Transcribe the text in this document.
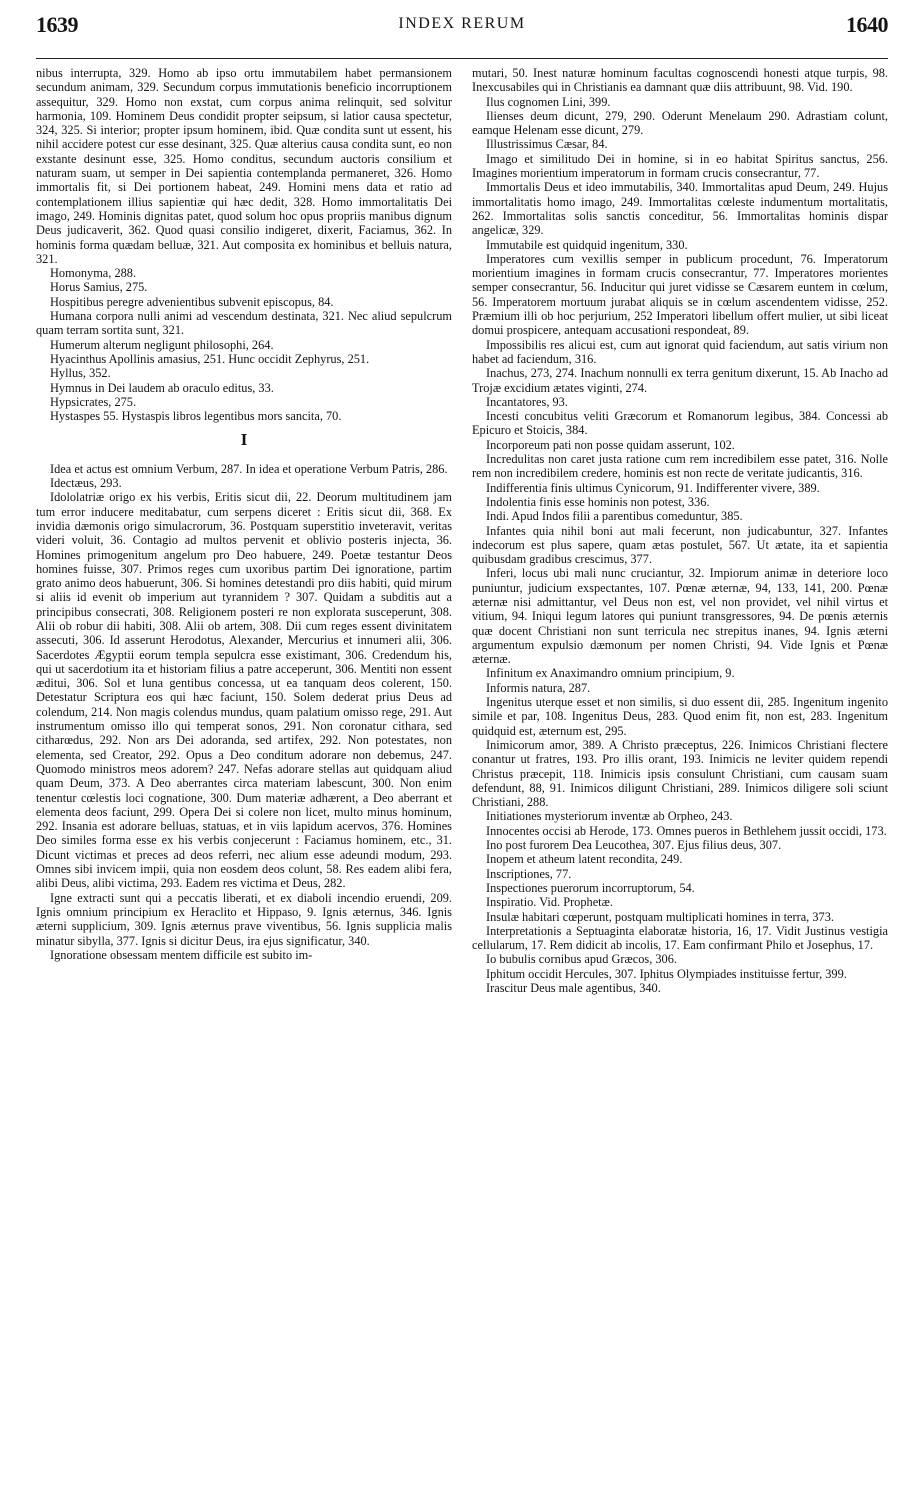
1639	INDEX RERUM	1640

nibus interrupta, 329. Homo ab ipso ortu immutabilem habet permansionem secundum animam, 329. Secundum corpus immutationis beneficio incorruptionem assequitur, 329. Homo non exstat, cum corpus anima relinquit, sed solvitur harmonia, 109. Hominem Deus condidit propter seipsum, si latior causa spectetur, 324, 325. Si interior; propter ipsum hominem, ibid. Quæ condita sunt ut essent, his nihil accidere potest cur esse desinant, 325. Quæ alterius causa condita sunt, eo non exstante desinunt esse, 325. Homo conditus, secundum auctoris consilium et naturam suam, ut semper in Dei sapientia contemplanda permaneret, 326. Homo immortalis fit, si Dei portionem habeat, 249. Homini mens data et ratio ad contemplationem illius sapientiæ qui hæc dedit, 328. Homo immortalitatis Dei imago, 249. Hominis dignitas patet, quod solum hoc opus propriis manibus dignum Deus judicaverit, 362. Quod quasi consilio indigeret, dixerit, Faciamus, 362. In hominis forma quædam belluæ, 321. Aut composita ex hominibus et belluis natura, 321.

Homonyma, 288.

Horus Samius, 275.

Hospitibus peregre advenientibus subvenit episcopus, 84.

Humana corpora nulli animi ad vescendum destinata, 321. Nec aliud sepulcrum quam terram sortita sunt, 321.

Humerum alterum negligunt philosophi, 264.

Hyacinthus Apollinis amasius, 251. Hunc occidit Zephyrus, 251.

Hyllus, 352.

Hymnus in Dei laudem ab oraculo editus, 33.

Hypsicrates, 275.

Hystaspes 55. Hystaspis libros legentibus mors sancita, 70.

I

Idea et actus est omnium Verbum, 287. In idea et operatione Verbum Patris, 286.

Idectæus, 293.

Idololatriæ origo ex his verbis, Eritis sicut dii, 22. Deorum multitudinem jam tum error inducere meditabatur, cum serpens diceret : Eritis sicut dii, 368. Ex invidia dæmonis origo simulacrorum, 36. Postquam superstitio inveteravit, veritas videri voluit, 36. Contagio ad multos pervenit et oblivio posteris injecta, 36. Homines primogenitum angelum pro Deo habuere, 249. Poetæ testantur Deos homines fuisse, 307. Primos reges cum uxoribus partim Dei ignoratione, partim grato animo deos habuerunt, 306. Si homines detestandi pro diis habiti, quid mirum si aliis id evenit ob imperium aut tyrannidem ? 307. Quidam a subditis aut a principibus consecrati, 308. Religionem posteri re non explorata susceperunt, 308. Alii ob robur dii habiti, 308. Alii ob artem, 308. Dii cum reges essent divinitatem assecuti, 306. Id asserunt Herodotus, Alexander, Mercurius et innumeri alii, 306. Sacerdotes Ægyptii eorum templa sepulcra esse existimant, 306. Credendum his, qui ut sacerdotium ita et historiam filius a patre acceperunt, 306. Mentiti non essent æditui, 306. Sol et luna gentibus concessa, ut ea tanquam deos colerent, 150. Detestatur Scriptura eos qui hæc faciunt, 150. Solem dederat prius Deus ad colendum, 214. Non magis colendus mundus, quam palatium omisso rege, 291. Aut instrumentum omisso illo qui temperat sonos, 291. Non coronatur cithara, sed citharœdus, 292. Non ars Dei adoranda, sed artifex, 292. Non potestates, non elementa, sed Creator, 292. Opus a Deo conditum adorare non debemus, 247. Quomodo ministros meos adorem? 247. Nefas adorare stellas aut quidquam aliud quam Deum, 373. A Deo aberrantes circa materiam labescunt, 300. Non enim tenentur cœlestis loci cognatione, 300. Dum materiæ adhærent, a Deo aberrant et elementa deos faciunt, 299. Opera Dei si colere non licet, multo minus hominum, 292. Insania est adorare belluas, statuas, et in viis lapidum acervos, 376. Homines Deo similes forma esse ex his verbis conjecerunt : Faciamus hominem, etc., 31. Dicunt victimas et preces ad deos referri, nec alium esse adeundi modum, 293. Omnes sibi invicem impii, quia non eosdem deos colunt, 58. Res eadem alibi fera, alibi Deus, alibi victima, 293. Eadem res victima et Deus, 282.

Igne extracti sunt qui a peccatis liberati, et ex diaboli incendio eruendi, 209. Ignis omnium principium ex Heraclito et Hippaso, 9. Ignis æternus, 346. Ignis æterni supplicium, 309. Ignis æternus prave viventibus, 56. Ignis supplicia malis minatur sibylla, 377. Ignis si dicitur Deus, ira ejus significatur, 340.

Ignoratione obsessam mentem difficile est subito im-

mutari, 50. Inest naturæ hominum facultas cognoscendi honesti atque turpis, 98. Inexcusabiles qui in Christianis ea damnant quæ diis attribuunt, 98. Vid. 190.

Ilus cognomen Lini, 399.

Ilienses deum dicunt, 279, 290. Oderunt Menelaum 290. Adrastiam colunt, eamque Helenam esse dicunt, 279.

Illustrissimus Cæsar, 84.

Imago et similitudo Dei in homine, si in eo habitat Spiritus sanctus, 256. Imagines morientium imperatorum in formam crucis consecrantur, 77.

Immortalis Deus et ideo immutabilis, 340. Immortalitas apud Deum, 249. Hujus immortalitatis homo imago, 249. Immortalitas cœleste indumentum mortalitatis, 262. Immortalitas solis sanctis conceditur, 56. Immortalitas hominis dispar angelicæ, 329.

Immutabile est quidquid ingenitum, 330.

Imperatores cum vexillis semper in publicum procedunt, 76. Imperatorum morientium imagines in formam crucis consecrantur, 77. Imperatores morientes semper consecrantur, 56. Inducitur qui juret vidisse se Cæsarem euntem in cœlum, 56. Imperatorem mortuum jurabat aliquis se in cœlum ascendentem vidisse, 252. Præmium illi ob hoc perjurium, 252 Imperatori libellum offert mulier, ut sibi liceat domui prospicere, antequam accusationi respondeat, 89.

Impossibilis res alicui est, cum aut ignorat quid faciendum, aut satis virium non habet ad faciendum, 316.

Inachus, 273, 274. Inachum nonnulli ex terra genitum dixerunt, 15. Ab Inacho ad Trojæ excidium ætates viginti, 274.

Incantatores, 93.

Incesti concubitus veliti Græcorum et Romanorum legibus, 384. Concessi ab Epicuro et Stoicis, 384.

Incorporeum pati non posse quidam asserunt, 102.

Incredulitas non caret justa ratione cum rem incredibilem esse patet, 316. Nolle rem non incredibilem credere, hominis est non recte de veritate judicantis, 316.

Indifferentia finis ultimus Cynicorum, 91. Indifferenter vivere, 389.

Indolentia finis esse hominis non potest, 336.

Indi. Apud Indos filii a parentibus comeduntur, 385.

Infantes quia nihil boni aut mali fecerunt, non judicabuntur, 327. Infantes indecorum est plus sapere, quam ætas postulet, 567. Ut ætate, ita et sapientia quibusdam gradibus crescimus, 377.

Inferi, locus ubi mali nunc cruciantur, 32. Impiorum animæ in deteriore loco puniuntur, judicium exspectantes, 107. Pœnæ æternæ, 94, 133, 141, 200. Pœnæ æternæ nisi admittantur, vel Deus non est, vel non providet, vel nihil virtus et vitium, 94. Iniqui legum latores qui puniunt transgressores, 94. De pœnis æternis quæ docent Christiani non sunt terricula nec strepitus inanes, 94. Ignis æterni argumentum expulsio dæmonum per nomen Christi, 94. Vide Ignis et Pœnæ æternæ.

Infinitum ex Anaximandro omnium principium, 9.

Informis natura, 287.

Ingenitus uterque esset et non similis, si duo essent dii, 285. Ingenitum ingenito simile et par, 108. Ingenitus Deus, 283. Quod enim fit, non est, 283. Ingenitum quidquid est, æternum est, 295.

Inimicorum amor, 389. A Christo præceptus, 226. Inimicos Christiani flectere conantur ut fratres, 193. Pro illis orant, 193. Inimicis ne leviter quidem rependi Christus præcepit, 118. Inimicis ipsis consulunt Christiani, cum causam suam defendunt, 88, 91. Inimicos diligunt Christiani, 289. Inimicos diligere soli sciunt Christiani, 288.

Initiationes mysteriorum inventæ ab Orpheo, 243.

Innocentes occisi ab Herode, 173. Omnes pueros in Bethlehem jussit occidi, 173.

Ino post furorem Dea Leucothea, 307. Ejus filius deus, 307.

Inopem et atheum latent recondita, 249.

Inscriptiones, 77.

Inspectiones puerorum incorruptorum, 54.

Inspiratio. Vid. Prophetæ.

Insulæ habitari cœperunt, postquam multiplicati homines in terra, 373.

Interpretationis a Septuaginta elaboratæ historia, 16, 17. Vidit Justinus vestigia cellularum, 17. Rem didicit ab incolis, 17. Eam confirmant Philo et Josephus, 17.

Io bubulis cornibus apud Græcos, 306.

Iphitum occidit Hercules, 307. Iphitus Olympiades instituisse fertur, 399.

Irascitur Deus male agentibus, 340.
